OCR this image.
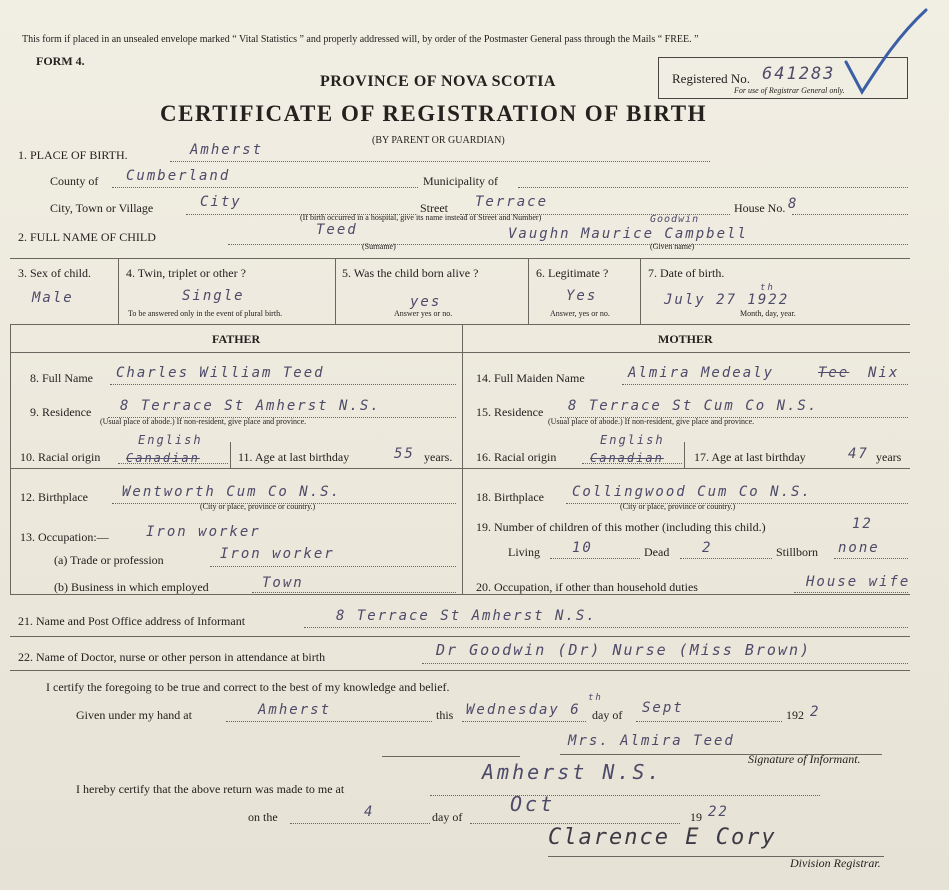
This form if placed in an unsealed envelope marked “ Vital Statistics ” and properly addressed will, by order of the Postmaster General pass through the Mails “ FREE. ”
FORM 4.
PROVINCE OF NOVA SCOTIA
CERTIFICATE OF REGISTRATION OF BIRTH
(BY PARENT OR GUARDIAN)
Registered No. 641283
For use of Registrar General only.
1. PLACE OF BIRTH.	Amherst
County of Cumberland	Municipality of
City, Town or Village	City	Street Terrace	House No. 8
(If birth occurred in a hospital, give its name instead of Street and Number)
2. FULL NAME OF CHILD	Teed	Vaughn Maurice Campbell
Goodwin
(Surname)	(Given name)
3. Sex of child.
Male
4. Twin, triplet or other ?
Single
To be answered only in the event of plural birth.
5. Was the child born alive ?
yes
Answer yes or no.
6. Legitimate ?
Yes
Answer, yes or no.
7. Date of birth.
July 27 1922
th
Month, day, year.
FATHER	MOTHER
8. Full Name Charles William Teed
9. Residence 8 Terrace St Amherst N.S.
(Usual place of abode.) If non-resident, give place and province.
10. Racial origin Canadian
English
11. Age at last birthday	55 years.
12. Birthplace Wentworth Cum Co N.S.
(City or place, province or country.)
13. Occupation:—	Iron worker
(a) Trade or profession	Iron worker
(b) Business in which employed	Town
14. Full Maiden Name	Almira Medealy	Tee Nix
15. Residence 8 Terrace St Cum Co N.S.
(Usual place of abode.) If non-resident, give place and province.
16. Racial origin	Canadian
English
17. Age at last birthday	47 years
18. Birthplace Collingwood Cum Co N.S.
(City or place, province or country.)
19. Number of children of this mother (including this child.)	12
Living 10	Dead 2	Stillborn none
20. Occupation, if other than household duties	House wife
21. Name and Post Office address of Informant	8 Terrace St Amherst N.S.
22. Name of Doctor, nurse or other person in attendance at birth	Dr Goodwin (Dr) Nurse (Miss Brown)
I certify the foregoing to be true and correct to the best of my knowledge and belief.
Given under my hand at	Amherst	this Wednesday 6
th
day of Sept	192 2
Mrs. Almira Teed
Signature of Informant.
I hereby certify that the above return was made to me at
Amherst N.S.
on the	4	day of
Oct
19 22
Clarence E Cory
Division Registrar.
